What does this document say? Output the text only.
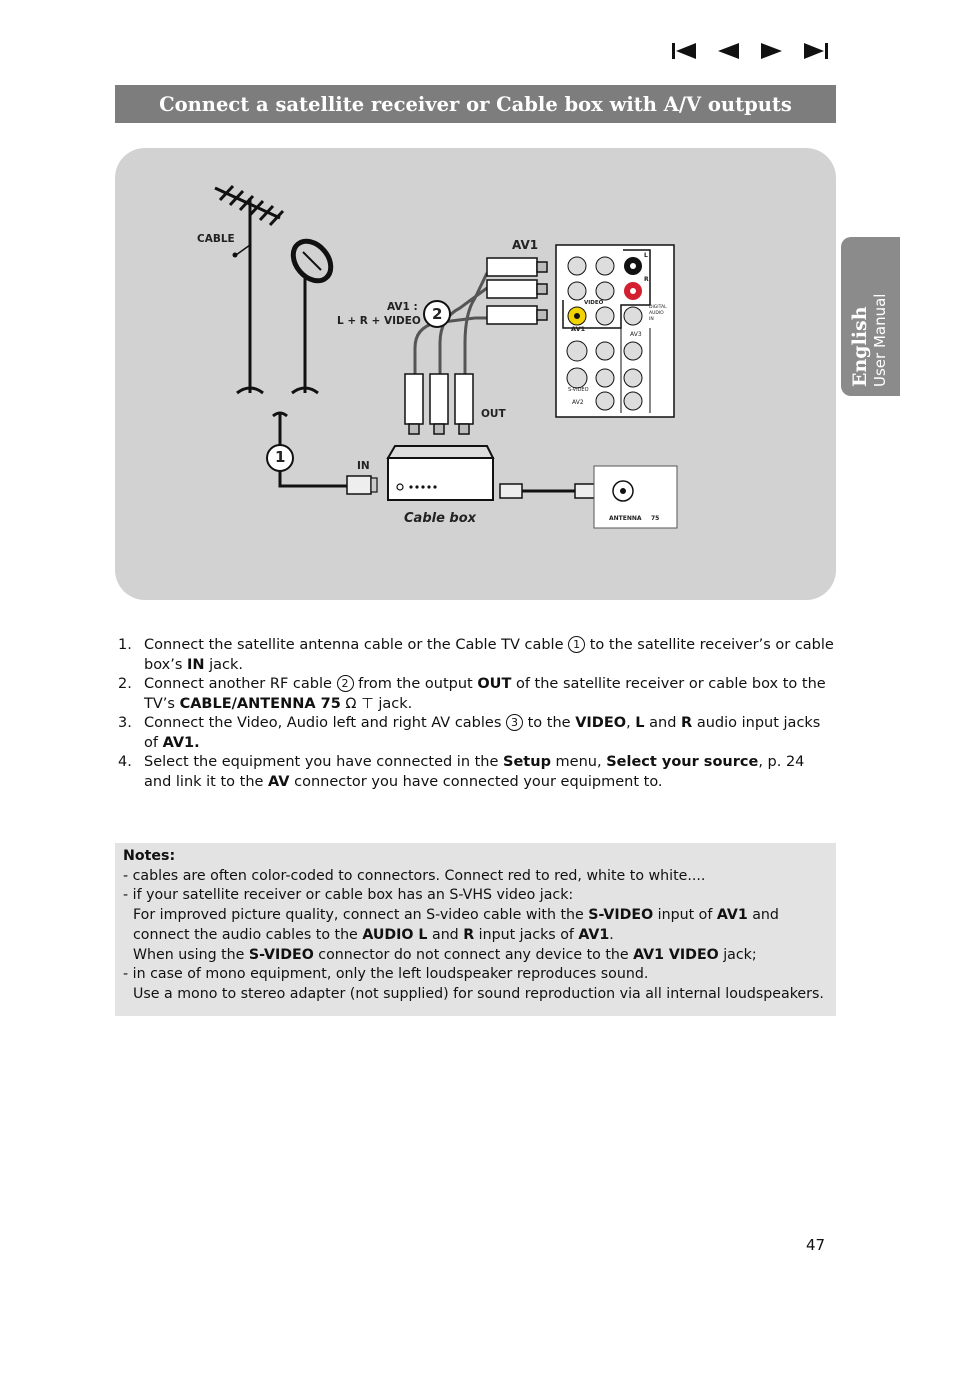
Connect a satellite receiver or Cable box with A/V outputs
English User Manual
CABLE	AV1
AV1 :
L + R + VIDEO 2
1
OUT
IN
Cable box	ANTENNA 75
VIDEO
AV1
S-VIDEO
AV2
AV3
DIGITAL
AUDIO
IN
L
R
1. Connect the satellite antenna cable or the Cable TV cable 1 to the satellite receiver’s or cable box’s IN jack.
2. Connect another RF cable 2 from the output OUT of the satellite receiver or cable box to the TV’s CABLE/ANTENNA 75 Ω ⊤ jack.
3. Connect the Video, Audio left and right AV cables 3 to the VIDEO, L and R audio input jacks of AV1.
4. Select the equipment you have connected in the Setup menu, Select your source, p. 24 and link it to the AV connector you have connected your equipment to.
Notes:
- cables are often color-coded to connectors. Connect red to red, white to white....
- if your satellite receiver or cable box has an S-VHS video jack:
For improved picture quality, connect an S-video cable with the S-VIDEO input of AV1 and connect the audio cables to the AUDIO L and R input jacks of AV1.
When using the S-VIDEO connector do not connect any device to the AV1 VIDEO jack;
- in case of mono equipment, only the left loudspeaker reproduces sound.
Use a mono to stereo adapter (not supplied) for sound reproduction via all internal loudspeakers.
47
